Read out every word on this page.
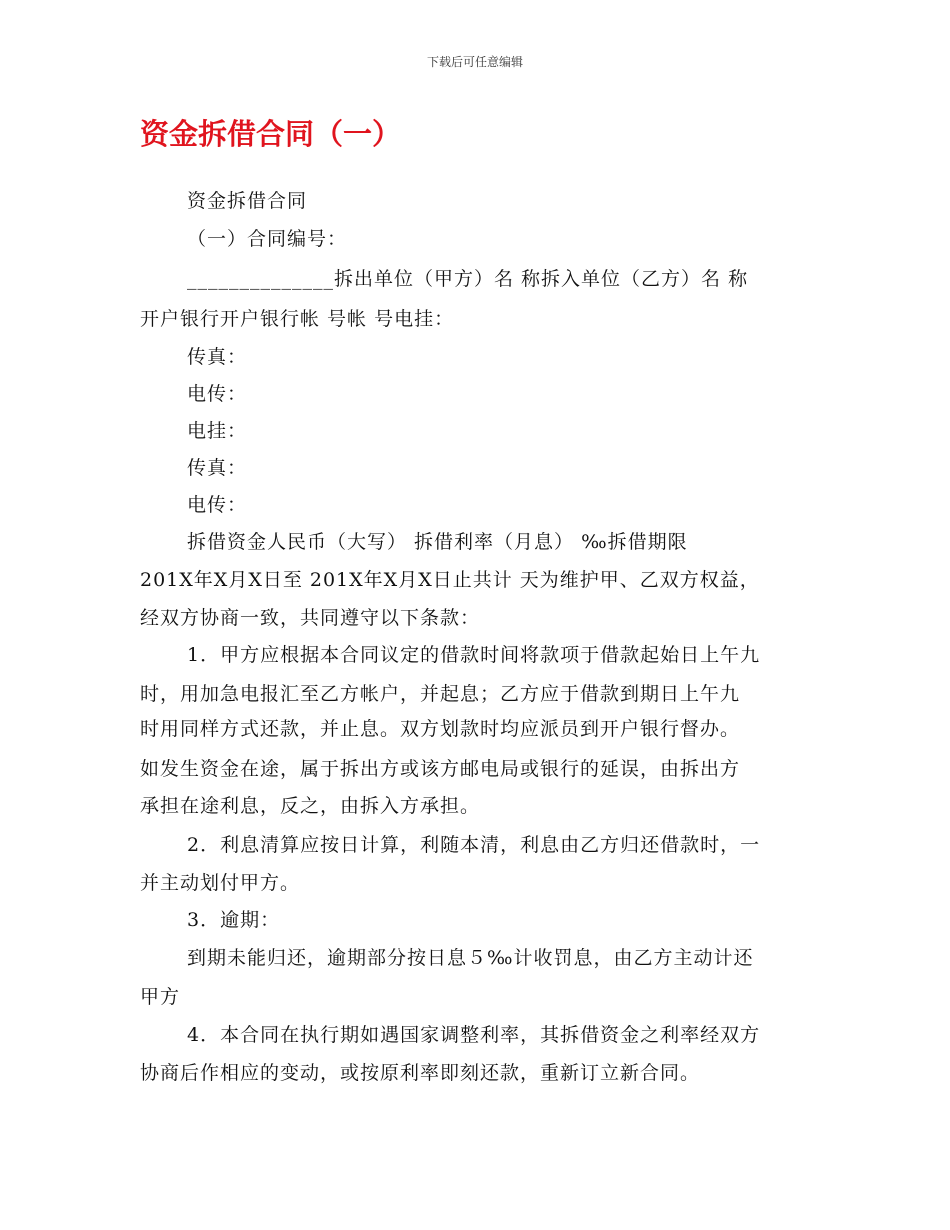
下载后可任意编辑
资金拆借合同（一）
资金拆借合同
（一）合同编号：
______________拆出单位（甲方）名 称拆入单位（乙方）名 称
开户银行开户银行帐 号帐 号电挂：
传真：
电传：
电挂：
传真：
电传：
拆借资金人民币（大写） 拆借利率（月息） ‰拆借期限
201X年X月X日至 201X年X月X日止共计 天为维护甲、乙双方权益，
经双方协商一致，共同遵守以下条款：
1．甲方应根据本合同议定的借款时间将款项于借款起始日上午九
时，用加急电报汇至乙方帐户，并起息；乙方应于借款到期日上午九
时用同样方式还款，并止息。双方划款时均应派员到开户银行督办。
如发生资金在途，属于拆出方或该方邮电局或银行的延误，由拆出方
承担在途利息，反之，由拆入方承担。
2．利息清算应按日计算，利随本清，利息由乙方归还借款时，一
并主动划付甲方。
3．逾期：
到期未能归还，逾期部分按日息５‰计收罚息，由乙方主动计还
甲方
4．本合同在执行期如遇国家调整利率，其拆借资金之利率经双方
协商后作相应的变动，或按原利率即刻还款，重新订立新合同。
